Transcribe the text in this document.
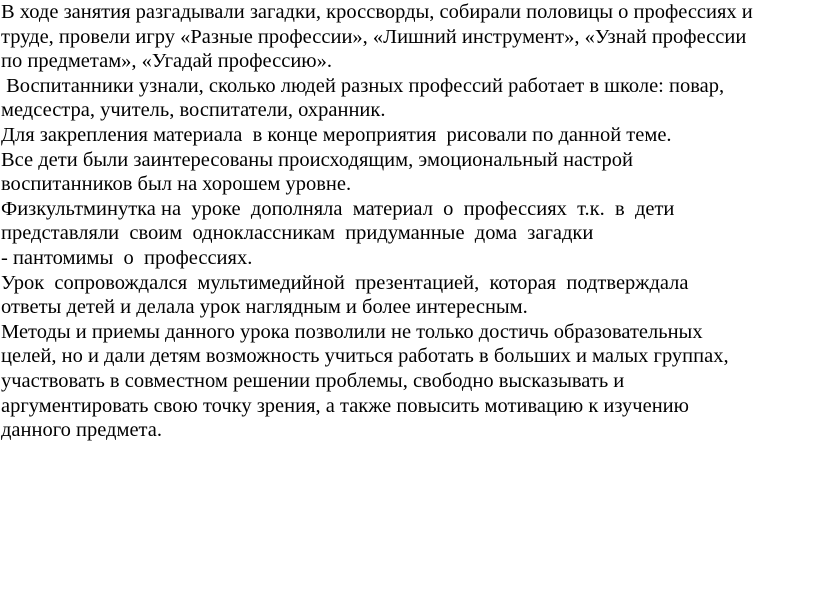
В ходе занятия разгадывали загадки, кроссворды, собирали половицы о профессиях и
труде, провели игру «Разные профессии», «Лишний инструмент», «Узнай профессии
по предметам», «Угадай профессию».
Воспитанники узнали, сколько людей разных профессий работает в школе: повар,
медсестра, учитель, воспитатели, охранник.
Для закрепления материала  в конце мероприятия  рисовали по данной теме.
Все дети были заинтересованы происходящим, эмоциональный настрой
воспитанников был на хорошем уровне.
Физкультминутка на  уроке  дополняла  материал  о  профессиях  т.к.  в  дети
представляли  своим  одноклассникам  придуманные  дома  загадки
- пантомимы  о  профессиях.
Урок  сопровождался  мультимедийной  презентацией,  которая  подтверждала
ответы детей и делала урок наглядным и более интересным.
Методы и приемы данного урока позволили не только достичь образовательных
целей, но и дали детям возможность учиться работать в больших и малых группах,
участвовать в совместном решении проблемы, свободно высказывать и
аргументировать свою точку зрения, а также повысить мотивацию к изучению
данного предмета.
